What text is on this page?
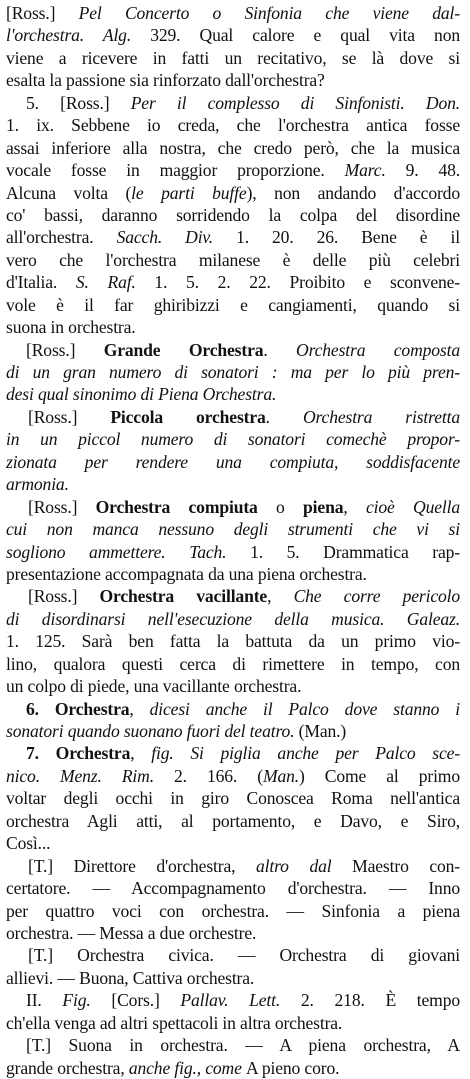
[Ross.] Pel Concerto o Sinfonia che viene dal-
l'orchestra. Alg. 329. Qual calore e qual vita non
viene a ricevere in fatti un recitativo, se là dove si
esalta la passione sia rinforzato dall'orchestra?
5. [Ross.] Per il complesso di Sinfonisti. Don.
1. ix. Sebbene io creda, che l'orchestra antica fosse
assai inferiore alla nostra, che credo però, che la musica
vocale fosse in maggior proporzione. Marc. 9. 48.
Alcuna volta (le parti buffe), non andando d'accordo
co' bassi, daranno sorridendo la colpa del disordine
all'orchestra. Sacch. Div. 1. 20. 26. Bene è il
vero che l'orchestra milanese è delle più celebri
d'Italia. S. Raf. 1. 5. 2. 22. Proibito e sconvene-
vole è il far ghiribizzi e cangiamenti, quando si
suona in orchestra.
[Ross.] Grande Orchestra. Orchestra composta
di un gran numero di sonatori : ma per lo più pren-
desi qual sinonimo di Piena Orchestra.
[Ross.] Piccola orchestra. Orchestra ristretta
in un piccol numero di sonatori comechè propor-
zionata per rendere una compiuta, soddisfacente
armonia.
[Ross.] Orchestra compiuta o piena, cioè Quella
cui non manca nessuno degli strumenti che vi si
sogliono ammettere. Tach. 1. 5. Drammatica rap-
presentazione accompagnata da una piena orchestra.
[Ross.] Orchestra vacillante, Che corre pericolo
di disordinarsi nell'esecuzione della musica. Galeaz.
1. 125. Sarà ben fatta la battuta da un primo vio-
lino, qualora questi cerca di rimettere in tempo, con
un colpo di piede, una vacillante orchestra.
6. Orchestra, dicesi anche il Palco dove stanno i
sonatori quando suonano fuori del teatro. (Man.)
7. Orchestra, fig. Si piglia anche per Palco sce-
nico. Menz. Rim. 2. 166. (Man.) Come al primo
voltar degli occhi in giro Conoscea Roma nell'antica
orchestra Agli atti, al portamento, e Davo, e Siro,
Così...
[T.] Direttore d'orchestra, altro dal Maestro con-
certatore. — Accompagnamento d'orchestra. — Inno
per quattro voci con orchestra. — Sinfonia a piena
orchestra. — Messa a due orchestre.
[T.] Orchestra civica. — Orchestra di giovani
allievi. — Buona, Cattiva orchestra.
II. Fig. [Cors.] Pallav. Lett. 2. 218. È tempo
ch'ella venga ad altri spettacoli in altra orchestra.
[T.] Suona in orchestra. — A piena orchestra, A
grande orchestra, anche fig., come A pieno coro.
